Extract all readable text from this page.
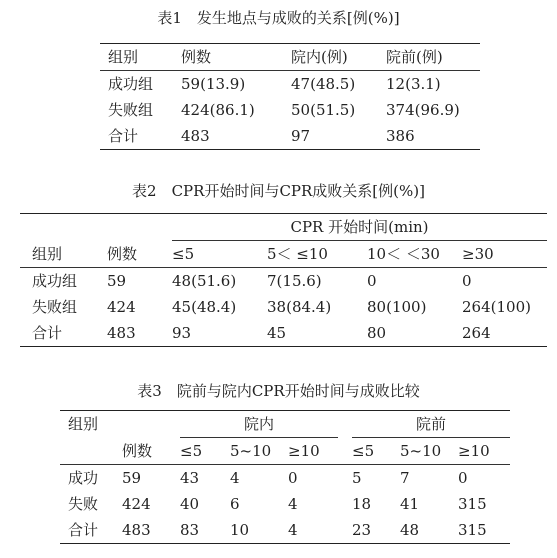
表1　发生地点与成败的关系[例(%)]
组别	例数	院内(例)	院前(例)
成功组	59(13.9)	47(48.5)	12(3.1)
失败组	424(86.1)	50(51.5)	374(96.9)
合计	483	97	386
表2　CPR开始时间与CPR成败关系[例(%)]
组别	例数	CPR 开始时间(min)			
		≤5	5＜ ≤10	10＜ ＜30	≥30
成功组	59	48(51.6)	7(15.6)	0	0
失败组	424	45(48.4)	38(84.4)	80(100)	264(100)
合计	483	93	45	80	264
表3　院前与院内CPR开始时间与成败比较
组别		院内				院前		
	例数	≤5	5~10	≥10		≤5	5~10	≥10
成功	59	43	4	0		5	7	0
失败	424	40	6	4		18	41	315
合计	483	83	10	4		23	48	315
